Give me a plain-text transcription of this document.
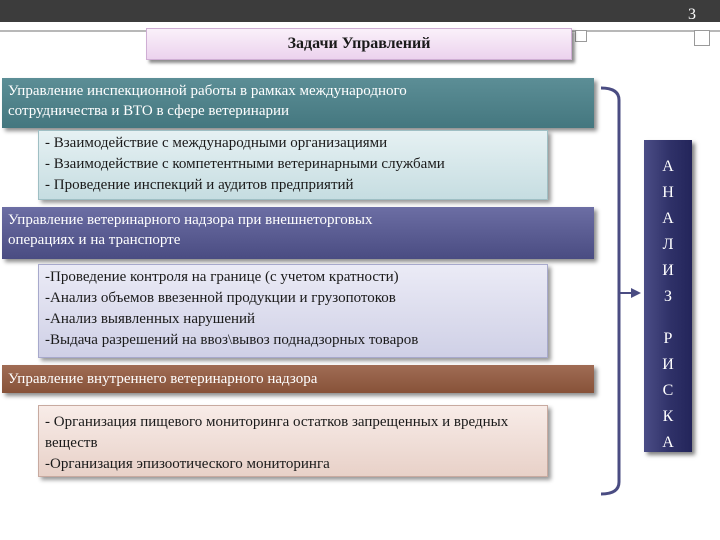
3
Задачи Управлений
Управление инспекционной работы в рамках международного
сотрудничества и ВТО в сфере ветеринарии
- Взаимодействие с международными организациями
- Взаимодействие с компетентными ветеринарными службами
- Проведение инспекций и аудитов предприятий
Управление ветеринарного надзора при внешнеторговых
операциях и на транспорте
-Проведение контроля на границе (с учетом кратности)
-Анализ объемов ввезенной продукции и грузопотоков
-Анализ выявленных нарушений
-Выдача разрешений на ввоз\вывоз поднадзорных товаров
Управление внутреннего ветеринарного надзора
- Организация пищевого мониторинга остатков запрещенных и вредных веществ
-Организация эпизоотического мониторинга
А
Н
А
Л
И
З
Р
И
С
К
А
